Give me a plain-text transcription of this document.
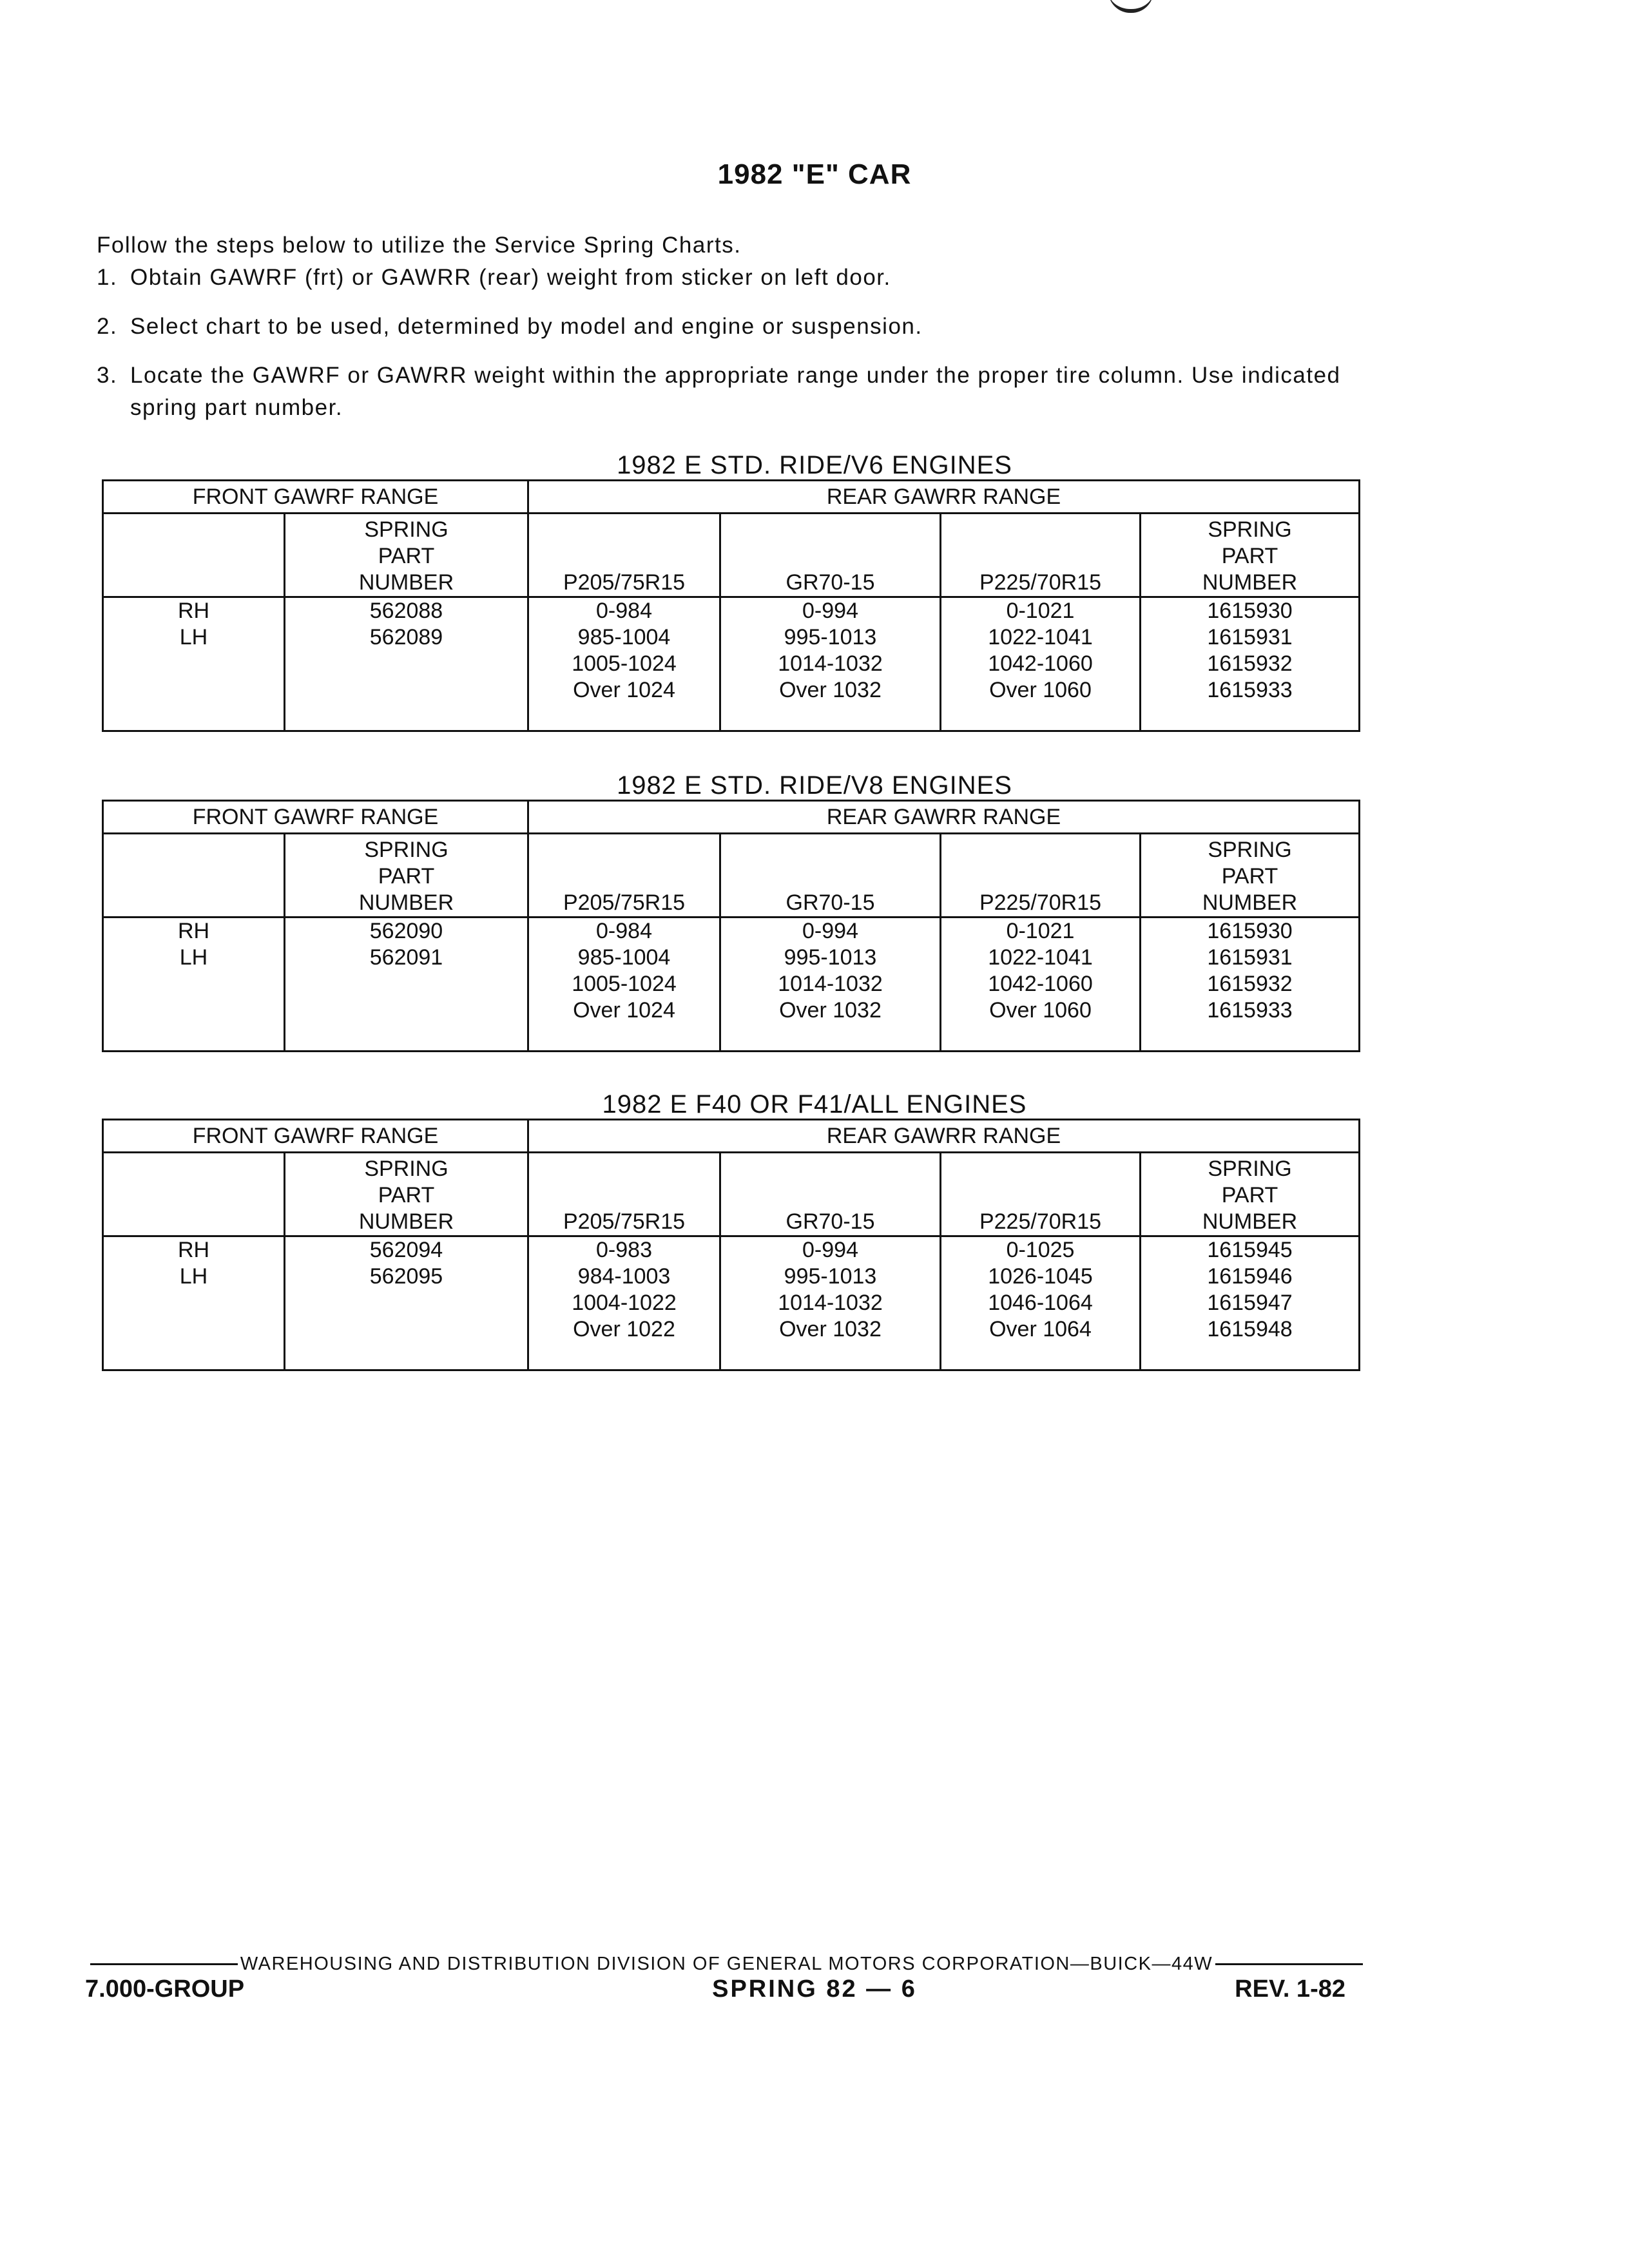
1982 "E" CAR

Follow the steps below to utilize the Service Spring Charts.

1. Obtain GAWRF (frt) or GAWRR (rear) weight from sticker on left door.
2. Select chart to be used, determined by model and engine or suspension.
3. Locate the GAWRF or GAWRR weight within the appropriate range under the proper tire column. Use indicated spring part number.
1982 E STD. RIDE/V6 ENGINES
FRONT GAWRF RANGE		REAR GAWRR RANGE			

	SPRING
PART
NUMBER	P205/75R15	GR70-15	P225/70R15	SPRING
PART
NUMBER

RH	562088	0-984	0-994	0-1021	1615930
LH	562089	985-1004	995-1013	1022-1041	1615931
		1005-1024	1014-1032	1042-1060	1615932
		Over 1024	Over 1032	Over 1060	1615933
1982 E STD. RIDE/V8 ENGINES
FRONT GAWRF RANGE		REAR GAWRR RANGE			

	SPRING
PART
NUMBER	P205/75R15	GR70-15	P225/70R15	SPRING
PART
NUMBER

RH	562090	0-984	0-994	0-1021	1615930
LH	562091	985-1004	995-1013	1022-1041	1615931
		1005-1024	1014-1032	1042-1060	1615932
		Over 1024	Over 1032	Over 1060	1615933
1982 E F40 OR F41/ALL ENGINES
FRONT GAWRF RANGE		REAR GAWRR RANGE			

	SPRING
PART
NUMBER	P205/75R15	GR70-15	P225/70R15	SPRING
PART
NUMBER

RH	562094	0-983	0-994	0-1025	1615945
LH	562095	984-1003	995-1013	1026-1045	1615946
		1004-1022	1014-1032	1046-1064	1615947
		Over 1022	Over 1032	Over 1064	1615948
WAREHOUSING AND DISTRIBUTION DIVISION OF GENERAL MOTORS CORPORATION—BUICK—44W
7.000-GROUP	SPRING 82 — 6	REV. 1-82
